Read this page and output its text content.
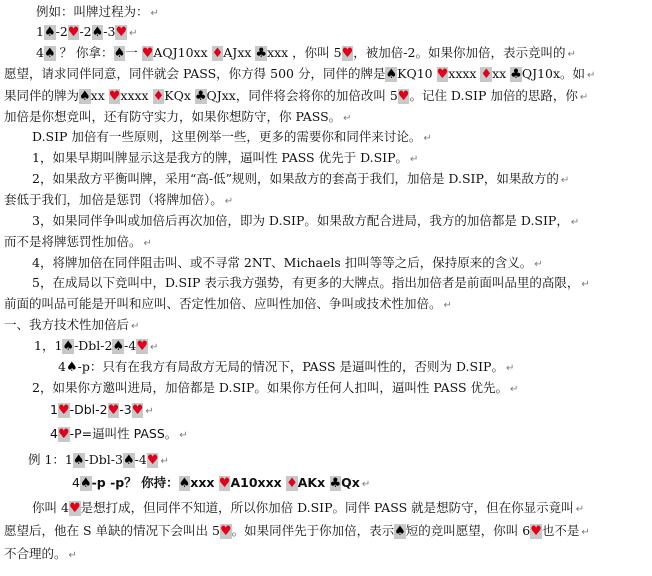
例如：叫牌过程为： ↵
1♠-2♥-2♠-3♥ ↵
4♠ ？ 你拿：♠一 ♥AQJ10xx ♦AJxx ♣xxx ，你叫 5♥，被加倍-2。如果你加倍，表示竞叫的 ↵
愿望，请求同伴同意，同伴就会 PASS，你方得 500 分，同伴的牌是♠KQ10 ♥xxxx ♦xx ♣QJ10x。如 ↵
果同伴的牌为♠xx ♥xxxx ♦KQx ♣QJxx，同伴将会将你的加倍改叫 5♥。记住 D.SIP 加倍的思路，你 ↵
加倍是你想竞叫，还有防守实力，如果你想防守，你 PASS。 ↵
D.SIP 加倍有一些原则，这里例举一些，更多的需要你和同伴来讨论。 ↵
1，如果早期叫牌显示这是我方的牌，逼叫性 PASS 优先于 D.SIP。 ↵
2，如果敌方平衡叫牌，采用“高-低”规则，如果敌方的套高于我们，加倍是 D.SIP，如果敌方的 ↵
套低于我们，加倍是惩罚（将牌加倍）。 ↵
3，如果同伴争叫或加倍后再次加倍，即为 D.SIP。如果敌方配合进局，我方的加倍都是 D.SIP， ↵
而不是将牌惩罚性加倍。 ↵
4，将牌加倍在同伴阻击叫、或不寻常 2NT、Michaels 扣叫等等之后，保持原来的含义。 ↵
5，在成局以下竞叫中，D.SIP 表示我方强势，有更多的大牌点。指出加倍者是前面叫品里的高限， ↵
前面的叫品可能是开叫和应叫、否定性加倍、应叫性加倍、争叫或技术性加倍。 ↵
一、我方技术性加倍后 ↵
1，1♠-Dbl-2♠-4♥ ↵
4♠-p：只有在我方有局敌方无局的情况下，PASS 是逼叫性的，否则为 D.SIP。 ↵
2，如果你方邀叫进局，加倍都是 D.SIP。如果你方任何人扣叫，逼叫性 PASS 优先。 ↵
1♥-Dbl-2♥-3♥ ↵
4♥-P=逼叫性 PASS。 ↵
例 1：1♠-Dbl-3♠-4♥ ↵
4♠-p -p？ 你持：♠xxx ♥A10xxx ♦AKx ♣Qx ↵
你叫 4♥是想打成，但同伴不知道，所以你加倍 D.SIP。同伴 PASS 就是想防守，但在你显示竟叫 ↵
愿望后，他在 S 单缺的情况下会叫出 5♥。如果同伴先于你加倍，表示♠短的竞叫愿望，你叫 6♥也不是 ↵
不合理的。 ↵
